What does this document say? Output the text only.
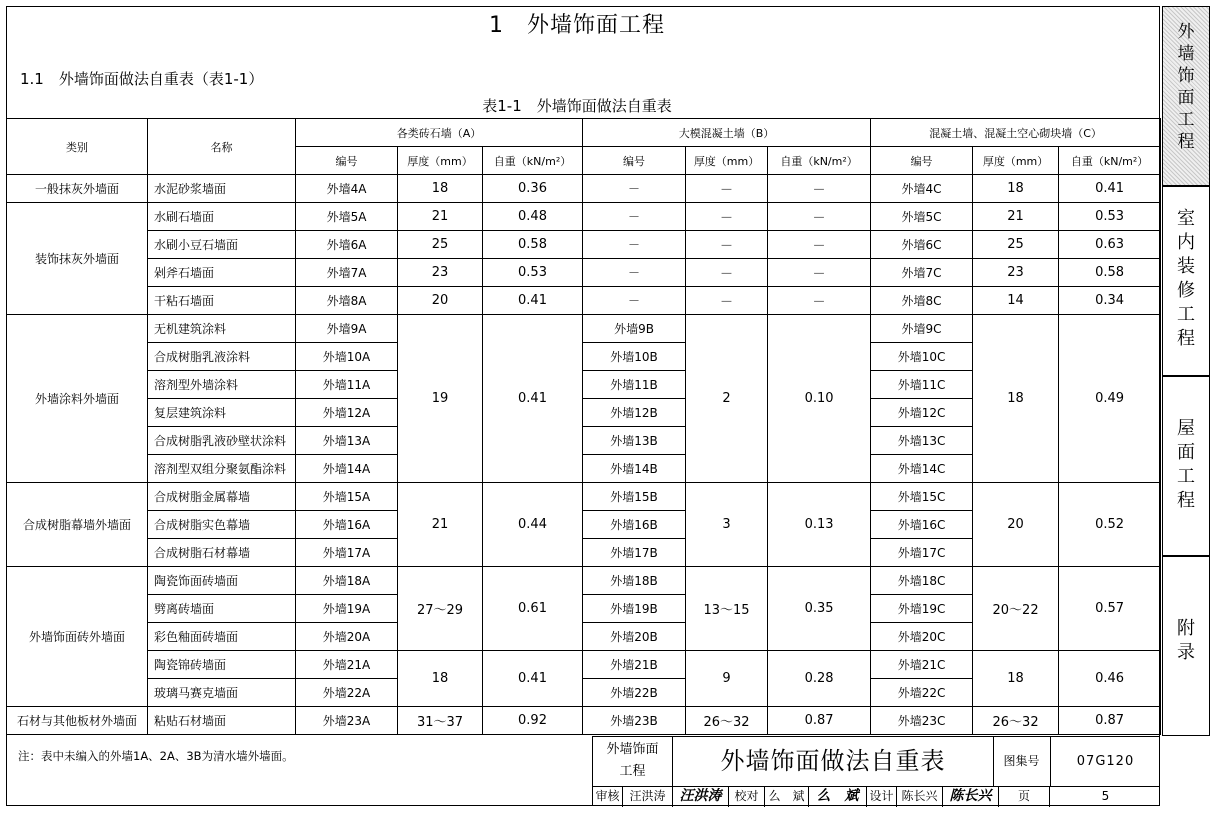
1　外墙饰面工程
1.1　外墙饰面做法自重表（表1-1）
表1-1　外墙饰面做法自重表
类别	名称	各类砖石墙（A）			大模混凝土墙（B）			混凝土墙、混凝土空心砌块墙（C）		
		编号	厚度（mm）	自重（kN/m²）	编号	厚度（mm）	自重（kN/m²）	编号	厚度（mm）	自重（kN/m²）
一般抹灰外墙面	水泥砂浆墙面	外墙4A	18	0.36	－	－	－	外墙4C	18	0.41
装饰抹灰外墙面	水刷石墙面	外墙5A	21	0.48	－	－	－	外墙5C	21	0.53
	水刷小豆石墙面	外墙6A	25	0.58	－	－	－	外墙6C	25	0.63
	剁斧石墙面	外墙7A	23	0.53	－	－	－	外墙7C	23	0.58
	干粘石墙面	外墙8A	20	0.41	－	－	－	外墙8C	14	0.34
外墙涂料外墙面	无机建筑涂料	外墙9A	19	0.41	外墙9B	2	0.10	外墙9C	18	0.49
	合成树脂乳液涂料	外墙10A			外墙10B			外墙10C		
	溶剂型外墙涂料	外墙11A			外墙11B			外墙11C		
	复层建筑涂料	外墙12A			外墙12B			外墙12C		
	合成树脂乳液砂壁状涂料	外墙13A			外墙13B			外墙13C		
	溶剂型双组分聚氨酯涂料	外墙14A			外墙14B			外墙14C		
合成树脂幕墙外墙面	合成树脂金属幕墙	外墙15A	21	0.44	外墙15B	3	0.13	外墙15C	20	0.52
	合成树脂实色幕墙	外墙16A			外墙16B			外墙16C		
	合成树脂石材幕墙	外墙17A			外墙17B			外墙17C		
外墙饰面砖外墙面	陶瓷饰面砖墙面	外墙18A	27～29	0.61	外墙18B	13～15	0.35	外墙18C	20～22	0.57
	劈离砖墙面	外墙19A			外墙19B			外墙19C		
	彩色釉面砖墙面	外墙20A			外墙20B			外墙20C		
	陶瓷锦砖墙面	外墙21A	18	0.41	外墙21B	9	0.28	外墙21C	18	0.46
	玻璃马赛克墙面	外墙22A			外墙22B			外墙22C		
石材与其他板材外墙面	粘贴石材墙面	外墙23A	31～37	0.92	外墙23B	26～32	0.87	外墙23C	26～32	0.87
注：表中未编入的外墙1A、2A、3B为清水墙外墙面。	外墙饰面
工程	外墙饰面做法自重表	图集号	07G120
审核 汪洪涛	汪洪涛	校对 么　斌 么　斌 设计 陈长兴 陈长兴	页	5
外墙饰面工程
室内装修工程
屋面工程
附录
